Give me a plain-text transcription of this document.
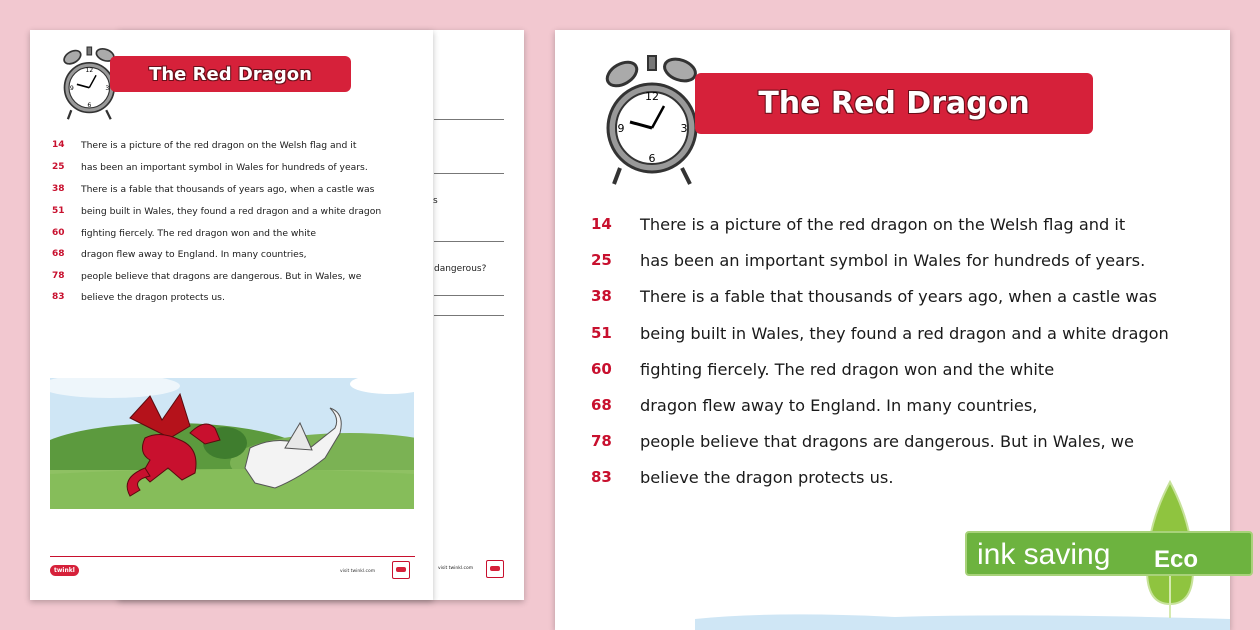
s
dangerous?
visit twinkl.com
12
3
6
9
The Red Dragon
14 There is a picture of the red dragon on the Welsh flag and it
25 has been an important symbol in Wales for hundreds of years.
38 There is a fable that thousands of years ago, when a castle was
51 being built in Wales, they found a red dragon and a white dragon
60 fighting fiercely. The red dragon won and the white
68 dragon flew away to England. In many countries,
78 people believe that dragons are dangerous. But in Wales, we
83 believe the dragon protects us.
twinkl	visit twinkl.com
12
3
6
9
The Red Dragon
14 There is a picture of the red dragon on the Welsh flag and it
25 has been an important symbol in Wales for hundreds of years.
38 There is a fable that thousands of years ago, when a castle was
51 being built in Wales, they found a red dragon and a white dragon
60 fighting fiercely. The red dragon won and the white
68 dragon flew away to England. In many countries,
78 people believe that dragons are dangerous. But in Wales, we
83 believe the dragon protects us.
ink saving Eco
